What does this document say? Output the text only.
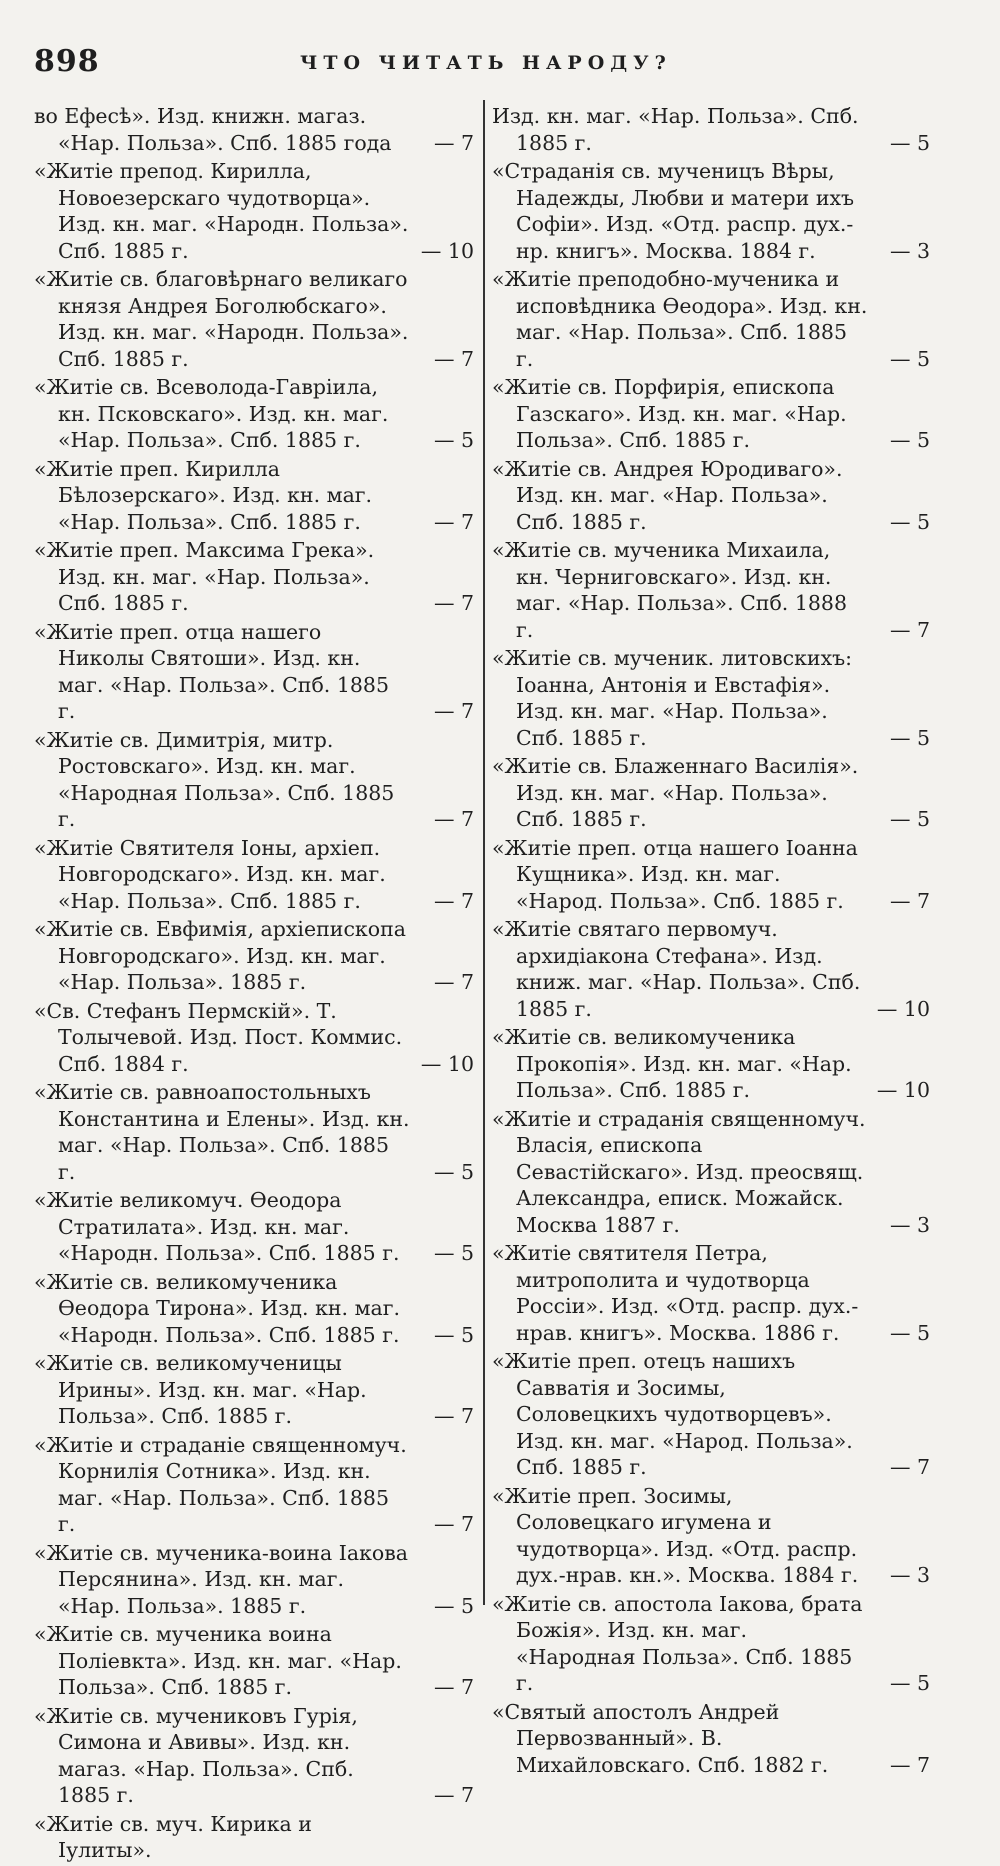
898	ЧТО ЧИТАТЬ НАРОДУ?
во Ефесѣ». Изд. книжн. магаз. «Нар. Польза». Спб. 1885 года — 7
«Житіе препод. Кирилла, Новоезерскаго чудотворца». Изд. кн. маг. «Народн. Польза». Спб. 1885 г.	— 10
«Житіе св. благовѣрнаго великаго князя Андрея Боголюбскаго». Изд. кн. маг. «Народн. Польза». Спб. 1885 г.	— 7
«Житіе св. Всеволода-Гавріила, кн. Псковскаго». Изд. кн. маг. «Нар. Польза». Спб. 1885 г.	— 5
«Житіе преп. Кирилла Бѣлозерскаго». Изд. кн. маг. «Нар. Польза». Спб. 1885 г.	— 7
«Житіе преп. Максима Грека». Изд. кн. маг. «Нар. Польза». Спб. 1885 г.	— 7
«Житіе преп. отца нашего Николы Святоши». Изд. кн. маг. «Нар. Польза». Спб. 1885 г.	— 7
«Житіе св. Димитрія, митр. Ростовскаго». Изд. кн. маг. «Народная Польза». Спб. 1885 г.	— 7
«Житіе Святителя Іоны, архіеп. Новгородскаго». Изд. кн. маг. «Нар. Польза». Спб. 1885 г.	— 7
«Житіе св. Евфимія, архіепископа Новгородскаго». Изд. кн. маг. «Нар. Польза». 1885 г.	— 7
«Св. Стефанъ Пермскій». Т. Толычевой. Изд. Пост. Коммис. Спб. 1884 г.	— 10
«Житіе св. равноапостольныхъ Константина и Елены». Изд. кн. маг. «Нар. Польза». Спб. 1885 г.	— 5
«Житіе великомуч. Ѳеодора Стратилата». Изд. кн. маг. «Народн. Польза». Спб. 1885 г. — 5
«Житіе св. великомученика Ѳеодора Тирона». Изд. кн. маг. «Народн. Польза». Спб. 1885 г. — 5
«Житіе св. великомученицы Ирины». Изд. кн. маг. «Нар. Польза». Спб. 1885 г.	— 7
«Житіе и страданіе священномуч. Корнилія Сотника». Изд. кн. маг. «Нар. Польза». Спб. 1885 г.	— 7
«Житіе св. мученика-воина Іакова Персянина». Изд. кн. маг. «Нар. Польза». 1885 г.	— 5
«Житіе св. мученика воина Поліевкта». Изд. кн. маг. «Нар. Польза». Спб. 1885 г.	— 7
«Житіе св. мучениковъ Гурія, Симона и Авивы». Изд. кн. магаз. «Нар. Польза». Спб. 1885 г.	— 7
«Житіе св. муч. Кирика и Іулиты».
Изд. кн. маг. «Нар. Польза». Спб. 1885 г.	— 5
«Страданія св. мученицъ Вѣры, Надежды, Любви и матери ихъ Софіи». Изд. «Отд. распр. дух.-нр. книгъ». Москва. 1884 г.	— 3
«Житіе преподобно-мученика и исповѣдника Ѳеодора». Изд. кн. маг. «Нар. Польза». Спб. 1885 г.	— 5
«Житіе св. Порфирія, епископа Газскаго». Изд. кн. маг. «Нар. Польза». Спб. 1885 г.	— 5
«Житіе св. Андрея Юродиваго». Изд. кн. маг. «Нар. Польза». Спб. 1885 г.	— 5
«Житіе св. мученика Михаила, кн. Черниговскаго». Изд. кн. маг. «Нар. Польза». Спб. 1888 г.	— 7
«Житіе св. мученик. литовскихъ: Іоанна, Антонія и Евстафія». Изд. кн. маг. «Нар. Польза». Спб. 1885 г.	— 5
«Житіе св. Блаженнаго Василія». Изд. кн. маг. «Нар. Польза». Спб. 1885 г.	— 5
«Житіе преп. отца нашего Іоанна Кущника». Изд. кн. маг. «Народ. Польза». Спб. 1885 г. — 7
«Житіе святаго первомуч. архидіакона Стефана». Изд. книж. маг. «Нар. Польза». Спб. 1885 г.	— 10
«Житіе св. великомученика Прокопія». Изд. кн. маг. «Нар. Польза». Спб. 1885 г.	— 10
«Житіе и страданія священномуч. Власія, епископа Севастійскаго». Изд. преосвящ. Александра, еписк. Можайск. Москва 1887 г.	— 3
«Житіе святителя Петра, митрополита и чудотворца Россіи». Изд. «Отд. распр. дух.-нрав. книгъ». Москва. 1886 г. — 5
«Житіе преп. отецъ нашихъ Савватія и Зосимы, Соловецкихъ чудотворцевъ». Изд. кн. маг. «Народ. Польза». Спб. 1885 г.	— 7
«Житіе преп. Зосимы, Соловецкаго игумена и чудотворца». Изд. «Отд. распр. дух.-нрав. кн.». Москва. 1884 г. — 3
«Житіе св. апостола Іакова, брата Божія». Изд. кн. маг. «Народная Польза». Спб. 1885 г.	— 5
«Святый апостолъ Андрей Первозванный». В. Михайловскаго. Спб. 1882 г.	— 7
